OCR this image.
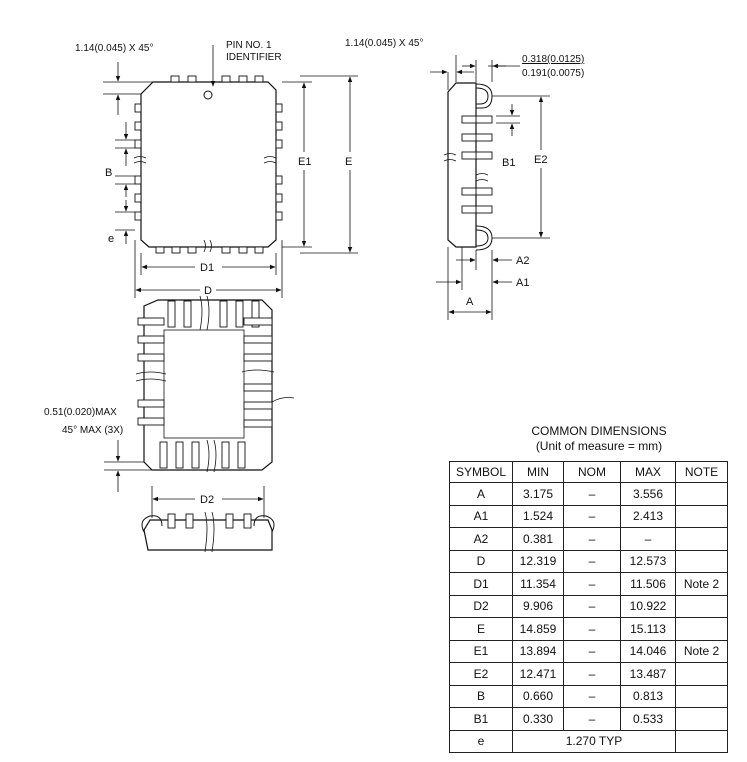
1.14(0.045) X 45°	PIN NO. 1
IDENTIFIER
B
e
E1	E
D1
D
1.14(0.045) X 45°
0.318(0.0125)
0.191(0.0075)
B1 E2
A2
A1
A
0.51(0.020)MAX
45° MAX (3X)
D2
COMMON DIMENSIONS
(Unit of measure = mm)
SYMBOL	MIN	NOM	MAX	NOTE
A	3.175	–	3.556	
A1	1.524	–	2.413	
A2	0.381	–	–	
D	12.319	–	12.573	
D1	11.354	–	11.506	Note 2
D2	9.906	–	10.922	
E	14.859	–	15.113	
E1	13.894	–	14.046	Note 2
E2	12.471	–	13.487	
B	0.660	–	0.813	
B1	0.330	–	0.533	
e	1.270 TYP			
